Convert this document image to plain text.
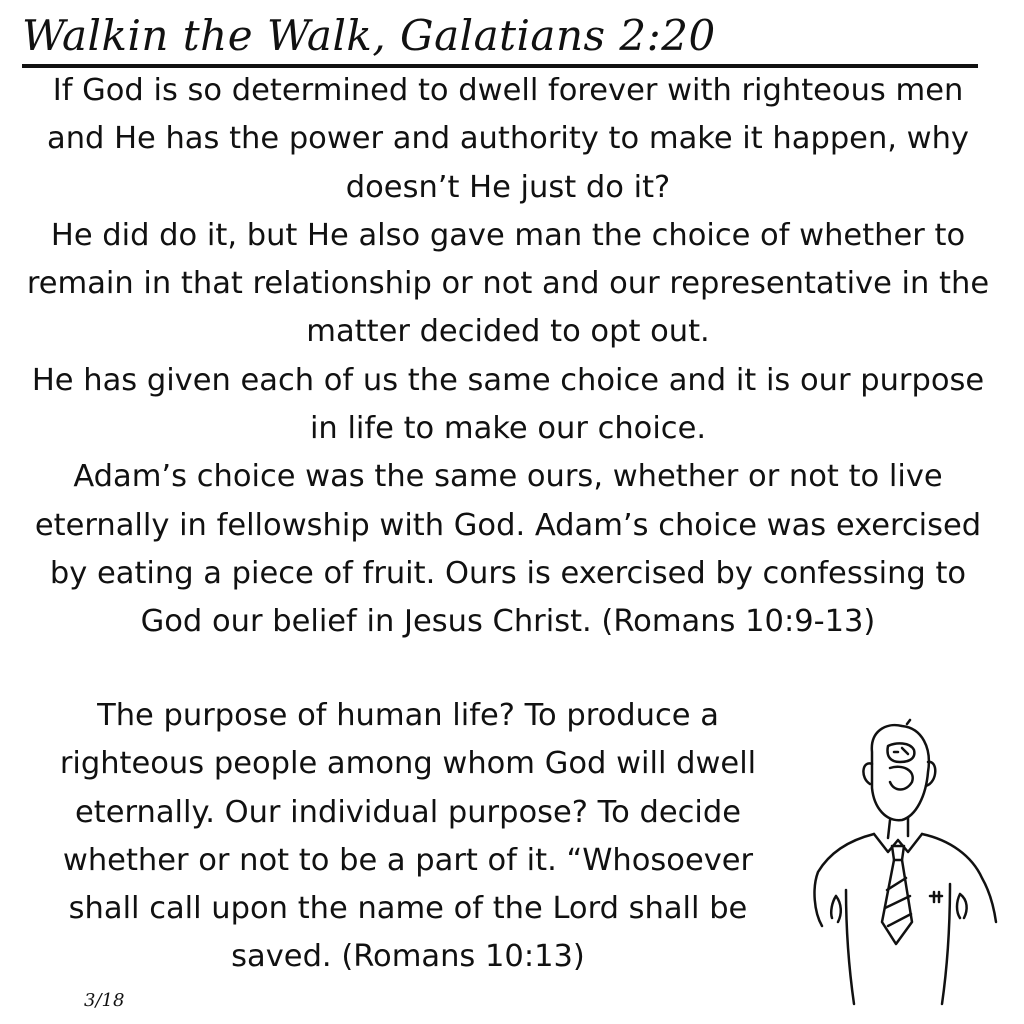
Walkin the Walk, Galatians 2:20

If God is so determined to dwell forever with righteous men and He has the power and authority to make it happen, why doesn’t He just do it?

He did do it, but He also gave man the choice of whether to remain in that relationship or not and our representative in the matter decided to opt out.

He has given each of us the same choice and it is our purpose in life to make our choice.

Adam’s choice was the same ours, whether or not to live eternally in fellowship with God. Adam’s choice was exercised by eating a piece of fruit. Ours is exercised by confessing to God our belief in Jesus Christ. (Romans 10:9-13)

The purpose of human life? To produce a righteous people among whom God will dwell eternally. Our individual purpose? To decide whether or not to be a part of it. “Whosoever shall call upon the name of the Lord shall be saved. (Romans 10:13)

3/18
